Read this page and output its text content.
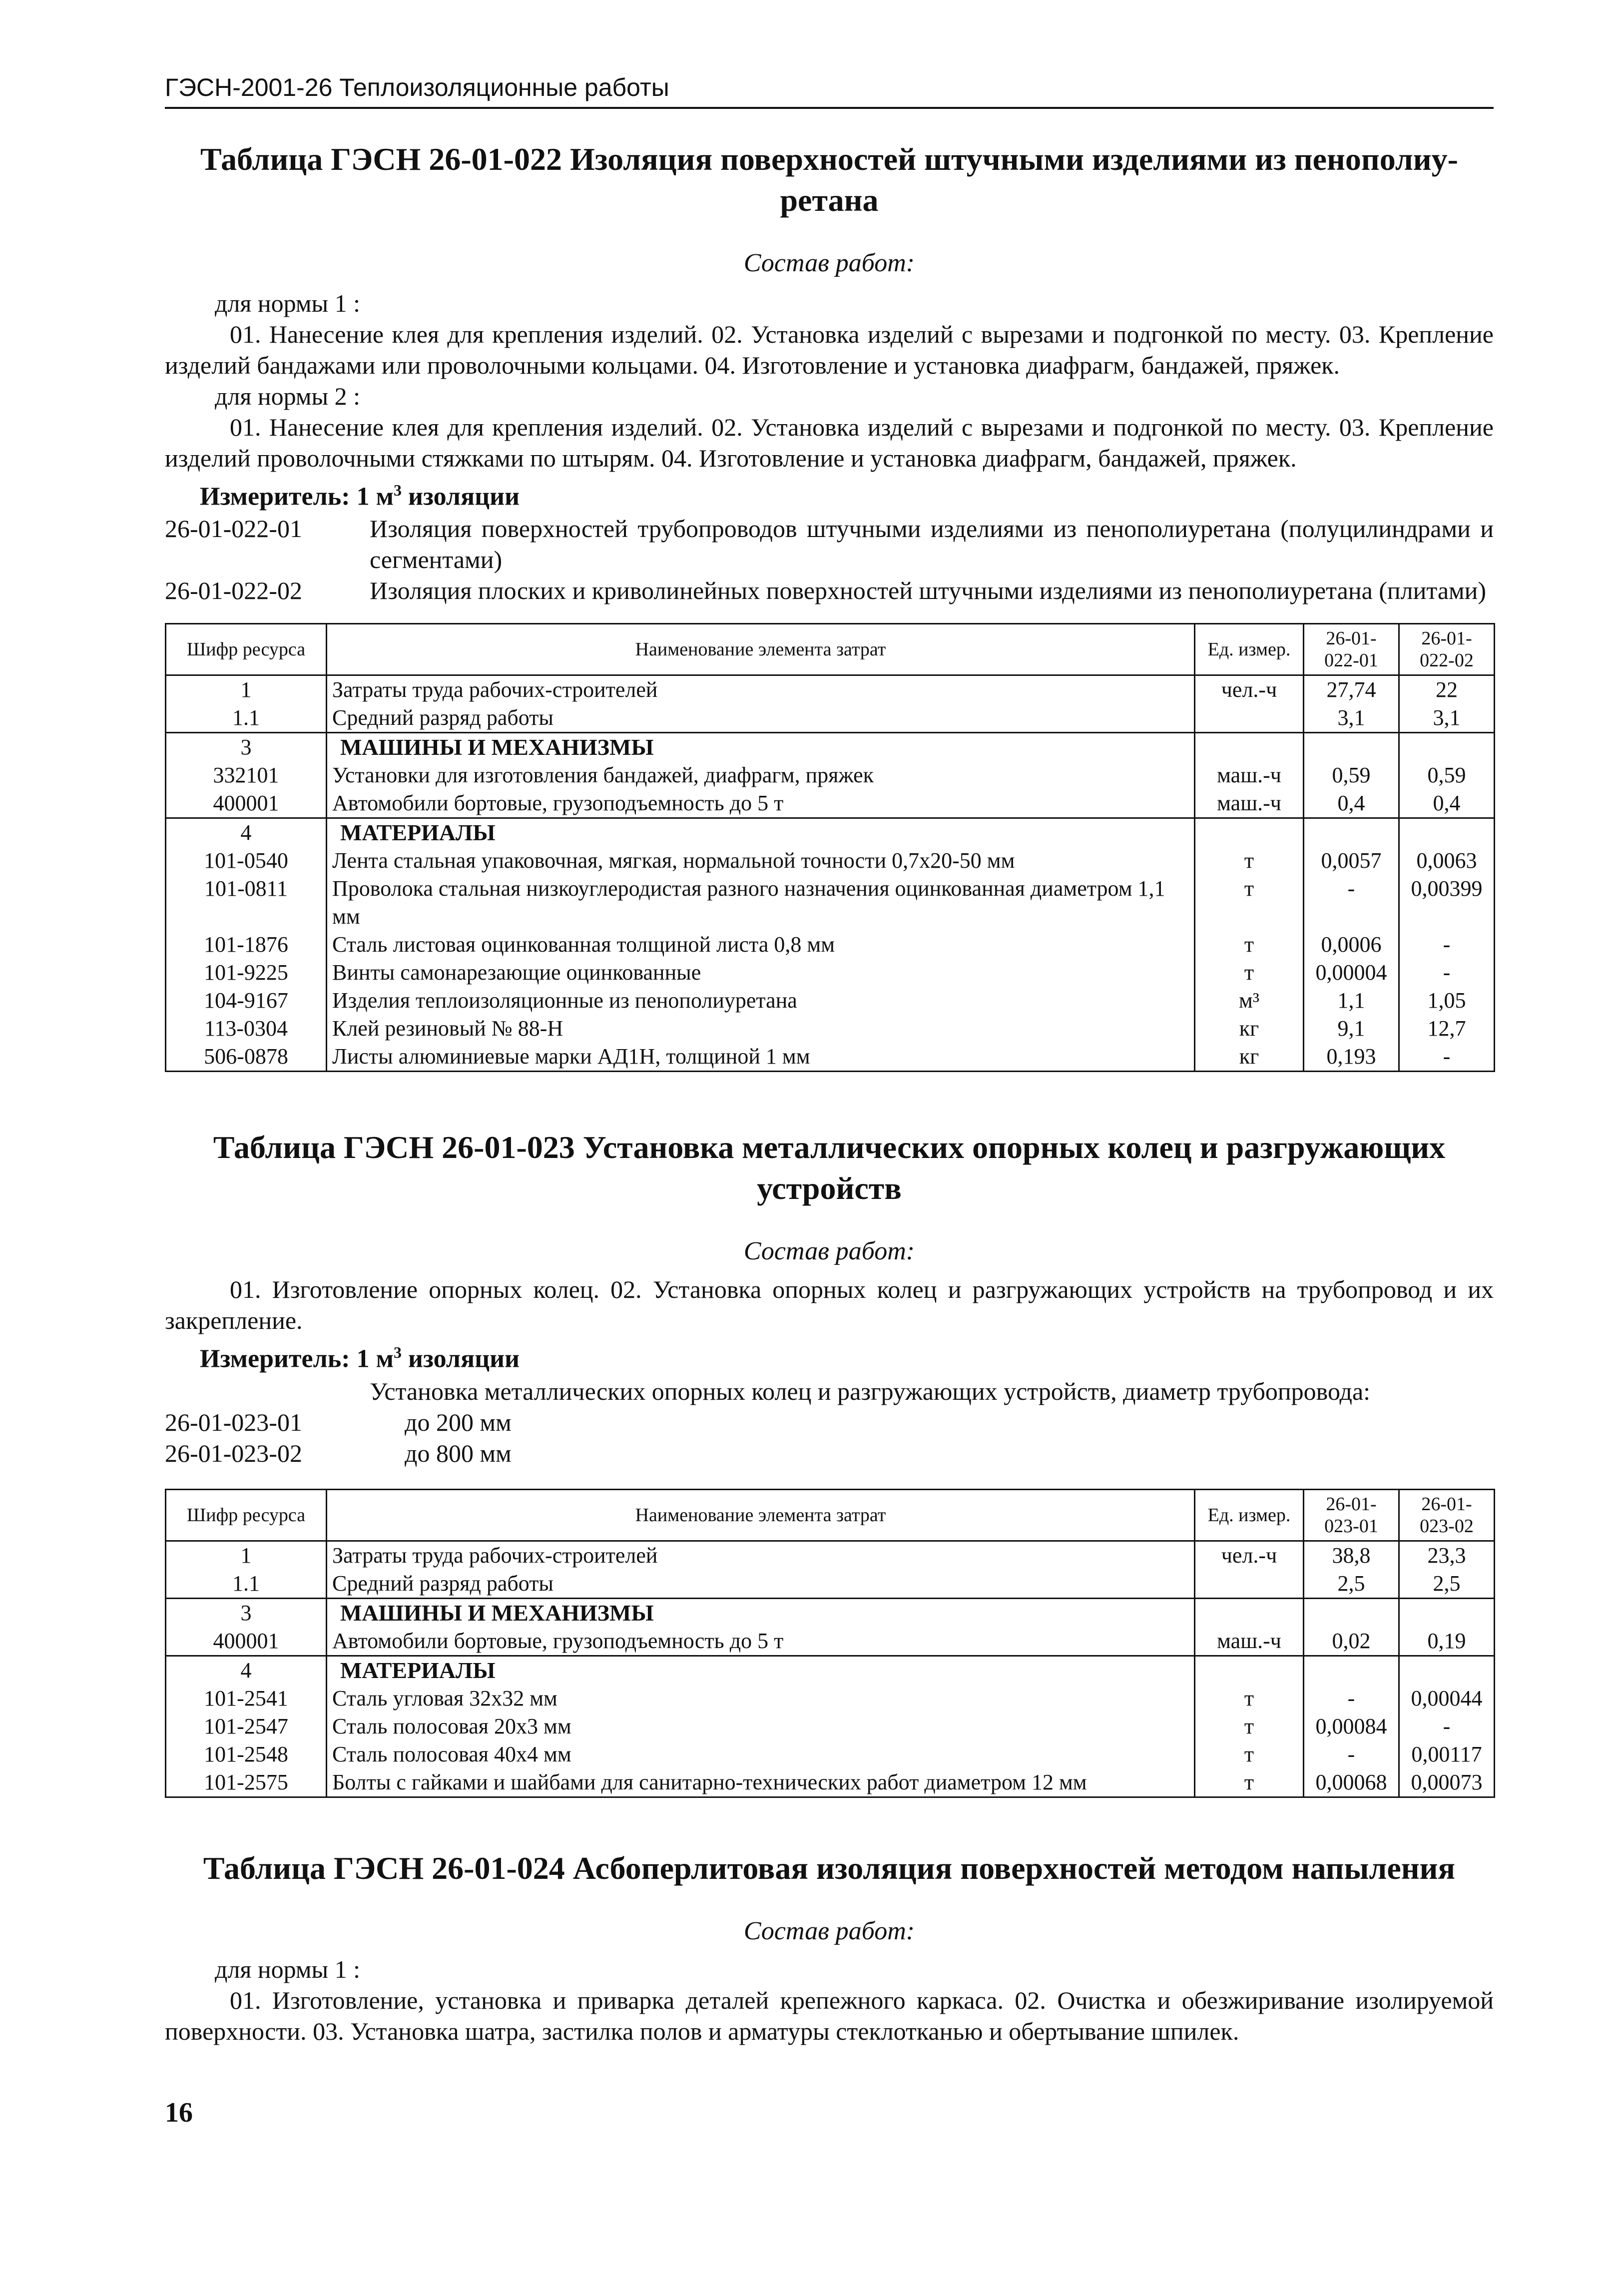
ГЭСН-2001-26 Теплоизоляционные работы
Таблица ГЭСН 26-01-022 Изоляция поверхностей штучными изделиями из пенополиу-
ретана
Состав работ:

для нормы 1 :

01. Нанесение клея для крепления изделий. 02. Установка изделий с вырезами и подгонкой по месту. 03. Крепление изделий бандажами или проволочными кольцами. 04. Изготовление и установка диафрагм, бандажей, пряжек.

для нормы 2 :

01. Нанесение клея для крепления изделий. 02. Установка изделий с вырезами и подгонкой по месту. 03. Крепление изделий проволочными стяжками по штырям. 04. Изготовление и установка диафрагм, бандажей, пряжек.

Измеритель: 1 $м^3$ изоляции
26-01-022-01	Изоляция поверхностей трубопроводов штучными изделиями из пенополиуретана (полуцилиндрами и сегментами)
26-01-022-02	Изоляция плоских и криволинейных поверхностей штучными изделиями из пенополиуретана (плитами)
Шифр ресурса	Наименование элемента затрат	Ед. измер.	26-01-022-01	26-01-022-02
1	Затраты труда рабочих-строителей	чел.-ч	27,74	22
1.1	Средний разряд работы		3,1	3,1
3	МАШИНЫ И МЕХАНИЗМЫ			
332101	Установки для изготовления бандажей, диафрагм, пряжек	маш.-ч	0,59	0,59
400001	Автомобили бортовые, грузоподъемность до 5 т	маш.-ч	0,4	0,4
4	МАТЕРИАЛЫ			
101-0540	Лента стальная упаковочная, мягкая, нормальной точности 0,7х20-50 мм	т	0,0057	0,0063
101-0811	Проволока стальная низкоуглеродистая разного назначения оцинкованная диаметром 1,1 мм	т	-	0,00399
101-1876	Сталь листовая оцинкованная толщиной листа 0,8 мм	т	0,0006	-
101-9225	Винты самонарезающие оцинкованные	т	0,00004	-
104-9167	Изделия теплоизоляционные из пенополиуретана	м³	1,1	1,05
113-0304	Клей резиновый № 88-Н	кг	9,1	12,7
506-0878	Листы алюминиевые марки АД1Н, толщиной 1 мм	кг	0,193	-
Таблица ГЭСН 26-01-023 Установка металлических опорных колец и разгружающих
устройств
Состав работ:

01. Изготовление опорных колец. 02. Установка опорных колец и разгружающих устройств на трубопровод и их закрепление.

Измеритель: 1 $м^3$ изоляции

Установка металлических опорных колец и разгружающих устройств, диаметр трубопровода:

26-01-023-01	до 200 мм
26-01-023-02	до 800 мм
Шифр ресурса	Наименование элемента затрат	Ед. измер.	26-01-023-01	26-01-023-02
1	Затраты труда рабочих-строителей	чел.-ч	38,8	23,3
1.1	Средний разряд работы		2,5	2,5
3	МАШИНЫ И МЕХАНИЗМЫ			
400001	Автомобили бортовые, грузоподъемность до 5 т	маш.-ч	0,02	0,19
4	МАТЕРИАЛЫ			
101-2541	Сталь угловая 32х32 мм	т	-	0,00044
101-2547	Сталь полосовая 20х3 мм	т	0,00084	-
101-2548	Сталь полосовая 40х4 мм	т	-	0,00117
101-2575	Болты с гайками и шайбами для санитарно-технических работ диаметром 12 мм	т	0,00068	0,00073
Таблица ГЭСН 26-01-024 Асбоперлитовая изоляция поверхностей методом напыления
Состав работ:

для нормы 1 :

01. Изготовление, установка и приварка деталей крепежного каркаса. 02. Очистка и обезжиривание изолируемой поверхности. 03. Установка шатра, застилка полов и арматуры стеклотканью и обертывание шпилек.

16
